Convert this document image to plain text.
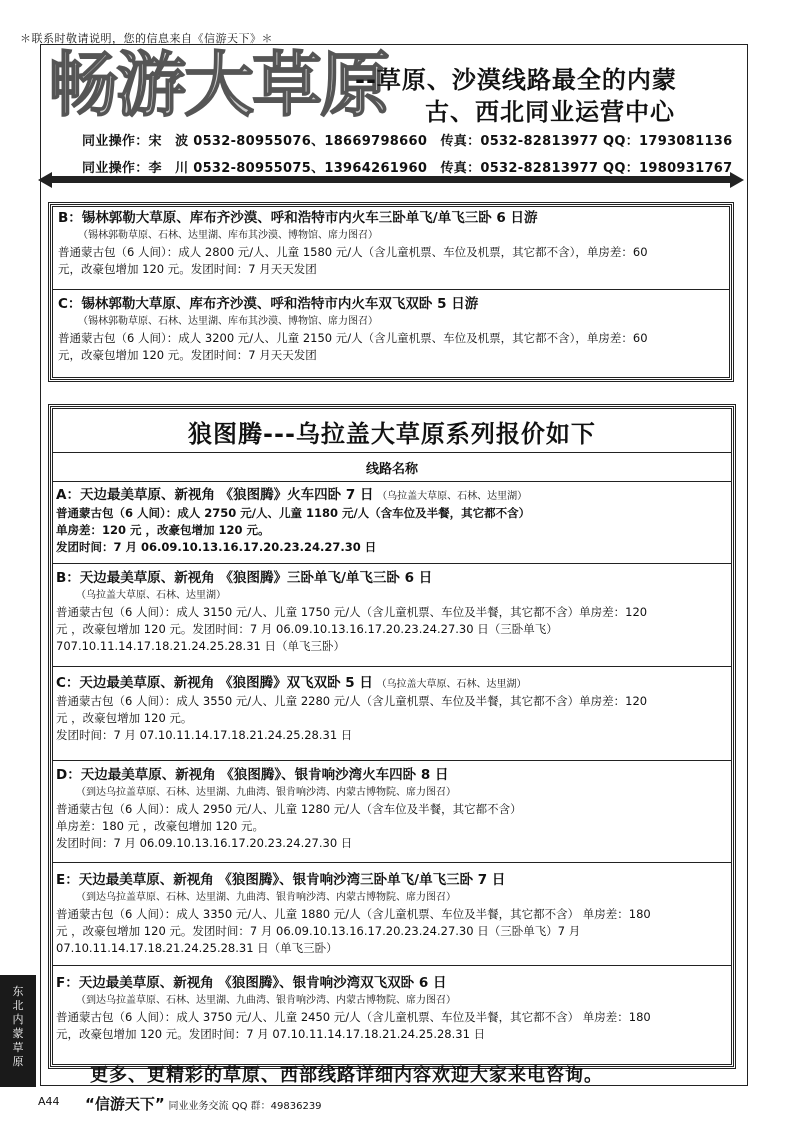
＊联系时敬请说明，您的信息来自《信游天下》＊
畅游大草原
--草原、沙漠线路最全的内蒙
古、西北同业运营中心
同业操作：宋　波 0532-80955076、18669798660　传真：0532-82813977 QQ：1793081136
同业操作：李　川 0532-80955075、13964261960　传真：0532-82813977 QQ：1980931767
B：锡林郭勒大草原、库布齐沙漠、呼和浩特市内火车三卧单飞/单飞三卧 6 日游
（锡林郭勒草原、石林、达里湖、库布其沙漠、博物馆、席力图召）
普通蒙古包（6 人间）：成人 2800 元/人、儿童 1580 元/人（含儿童机票、车位及机票，其它都不含），单房差：60
元，改豪包增加 120 元。发团时间：7 月天天发团
C：锡林郭勒大草原、库布齐沙漠、呼和浩特市内火车双飞双卧 5 日游
（锡林郭勒草原、石林、达里湖、库布其沙漠、博物馆、席力图召）
普通蒙古包（6 人间）：成人 3200 元/人、儿童 2150 元/人（含儿童机票、车位及机票，其它都不含），单房差：60
元，改豪包增加 120 元。发团时间：7 月天天发团
狼图腾---乌拉盖大草原系列报价如下
线路名称
A：天边最美草原、新视角 《狼图腾》火车四卧 7 日 （乌拉盖大草原、石林、达里湖）
普通蒙古包（6 人间）：成人 2750 元/人、儿童 1180 元/人（含车位及半餐，其它都不含）
单房差：120 元 ，改豪包增加 120 元。
发团时间：7 月 06.09.10.13.16.17.20.23.24.27.30 日
B：天边最美草原、新视角 《狼图腾》三卧单飞/单飞三卧 6 日
（乌拉盖大草原、石林、达里湖）
普通蒙古包（6 人间）：成人 3150 元/人、儿童 1750 元/人（含儿童机票、车位及半餐，其它都不含）单房差：120
元 ，改豪包增加 120 元。发团时间：7 月 06.09.10.13.16.17.20.23.24.27.30 日（三卧单飞）
707.10.11.14.17.18.21.24.25.28.31 日（单飞三卧）
C：天边最美草原、新视角 《狼图腾》双飞双卧 5 日 （乌拉盖大草原、石林、达里湖）
普通蒙古包（6 人间）：成人 3550 元/人、儿童 2280 元/人（含儿童机票、车位及半餐，其它都不含）单房差：120
元 ，改豪包增加 120 元。
发团时间：7 月 07.10.11.14.17.18.21.24.25.28.31 日
D：天边最美草原、新视角 《狼图腾》、银肯响沙湾火车四卧 8 日
（到达乌拉盖草原、石林、达里湖、九曲湾、银肯响沙湾、内蒙古博物院、席力图召）
普通蒙古包（6 人间）：成人 2950 元/人、儿童 1280 元/人（含车位及半餐，其它都不含）
单房差：180 元 ，改豪包增加 120 元。
发团时间：7 月 06.09.10.13.16.17.20.23.24.27.30 日
E：天边最美草原、新视角 《狼图腾》、银肯响沙湾三卧单飞/单飞三卧 7 日
（到达乌拉盖草原、石林、达里湖、九曲湾、银肯响沙湾、内蒙古博物院、席力图召）
普通蒙古包（6 人间）：成人 3350 元/人、儿童 1880 元/人（含儿童机票、车位及半餐，其它都不含） 单房差：180
元 ，改豪包增加 120 元。发团时间：7 月 06.09.10.13.16.17.20.23.24.27.30 日（三卧单飞）7 月
07.10.11.14.17.18.21.24.25.28.31 日（单飞三卧）
F：天边最美草原、新视角 《狼图腾》、银肯响沙湾双飞双卧 6 日
（到达乌拉盖草原、石林、达里湖、九曲湾、银肯响沙湾、内蒙古博物院、席力图召）
普通蒙古包（6 人间）：成人 3750 元/人、儿童 2450 元/人（含儿童机票、车位及半餐，其它都不含） 单房差：180
元，改豪包增加 120 元。发团时间：7 月 07.10.11.14.17.18.21.24.25.28.31 日
更多、更精彩的草原、西部线路详细内容欢迎大家来电咨询。
东
北
内
蒙
草
原
A44 “信游天下” 同业业务交流 QQ 群：49836239
